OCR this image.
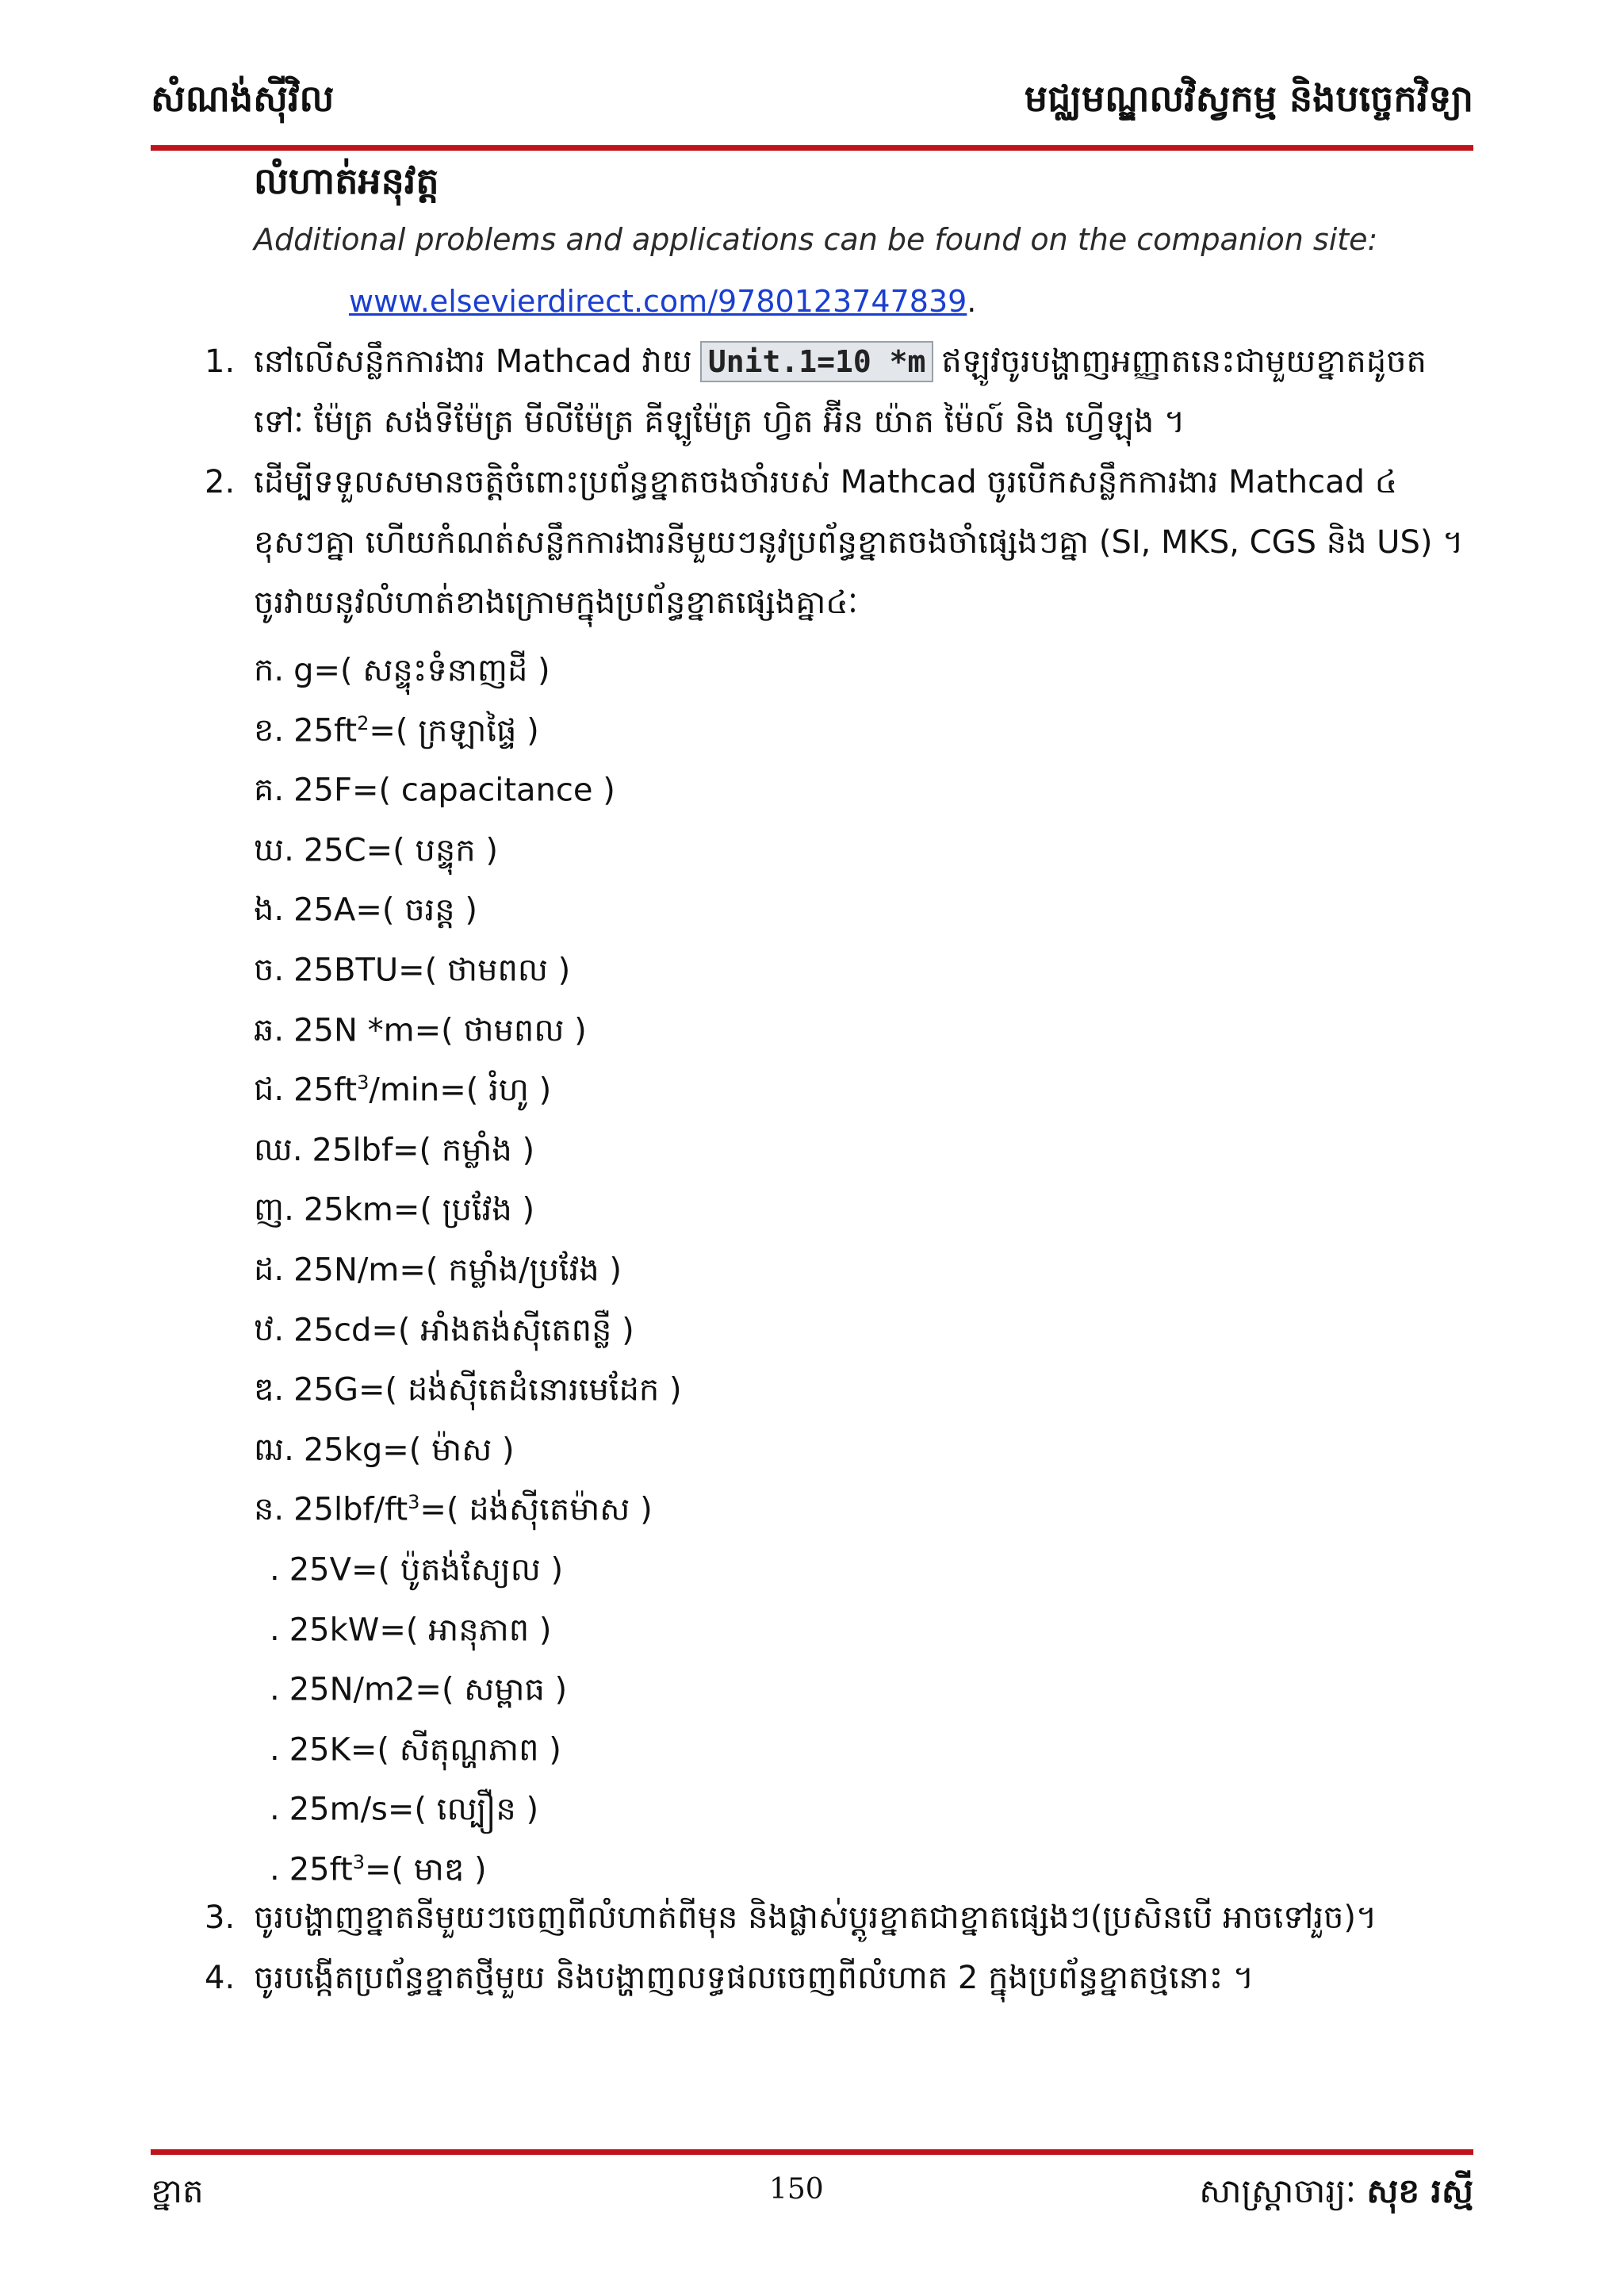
សំណង់ស៊ីវិល	មជ្ឈមណ្ឌលវិស្វកម្ម និងបច្ចេកវិទ្យា
លំហាត់អនុវត្ត
Additional problems and applications can be found on the companion site:
www.elsevierdirect.com/9780123747839.
1. នៅលើសន្លឹកការងារ Mathcad វាយ Unit.1=10 *m ឥឡូវចូរបង្ហាញអញ្ញាតនេះជាមួយខ្នាតដូចតទៅៈ ម៉ែត្រ សង់ទីម៉ែត្រ មីលីម៉ែត្រ គីឡូម៉ែត្រ ហ្វិត អ៊ីន យ៉ាត ម៉ៃល៍ និង ហ្វើឡុង ។
2. ដើម្បីទទួលសមានចត្តិចំពោះប្រព័ន្ធខ្នាតចងចាំរបស់ Mathcad ចូរបើកសន្លឹកការងារ Mathcad ៤ ខុសៗគ្នា ហើយកំណត់សន្លឹកការងារនីមួយៗនូវប្រព័ន្ធខ្នាតចងចាំផ្សេងៗគ្នា (SI, MKS, CGS និង US) ។ ចូរវាយនូវលំហាត់ខាងក្រោមក្នុងប្រព័ន្ធខ្នាតផ្សេងគ្នា៤ៈ
ក. g=( សន្ទុះទំនាញដី )
ខ. $25ft^2=$( ក្រឡាផ្ទៃ )
គ. 25F=( capacitance )
ឃ. 25C=( បន្ទុក )
ង. 25A=( ចរន្ត )
ច. 25BTU=( ថាមពល )
ឆ. 25N *m=( ថាមពល )
ជ. $25ft^3/\min=$( រំហូ )
ឈ. 25lbf=( កម្លាំង )
ញ. 25km=( ប្រវែង )
ដ. 25N/m=( កម្លាំង/ប្រវែង )
ឋ. 25cd=( អាំងតង់ស៊ីតេពន្លឺ )
ឌ. 25G=( ដង់ស៊ីតេដំនោរមេដែក )
ឍ. 25kg=( ម៉ាស )
ន. $25lbf/ft^3=$( ដង់ស៊ីតេម៉ាស )
. 25V=( ប៉ូតង់ស្យែល )
. 25kW=( អានុភាព )
. 25N/m2=( សម្ពាធ )
. 25K=( សីតុណ្ហភាព )
. 25m/s=( ល្បឿន )
. $25ft^3=$( មាឌ )
3. ចូរបង្ហាញខ្នាតនីមួយៗចេញពីលំហាត់ពីមុន និងផ្លាស់ប្តូរខ្នាតជាខ្នាតផ្សេងៗ(ប្រសិនបើ អាចទៅរួច)។
4. ចូរបង្កើតប្រព័ន្ធខ្នាតថ្មីមួយ និងបង្ហាញលទ្ធផលចេញពីលំហាត 2 ក្នុងប្រព័ន្ធខ្នាតថ្មនោះ ។
ខ្នាត	150	សាស្រ្តាចារ្យៈ សុខ រស្មី
